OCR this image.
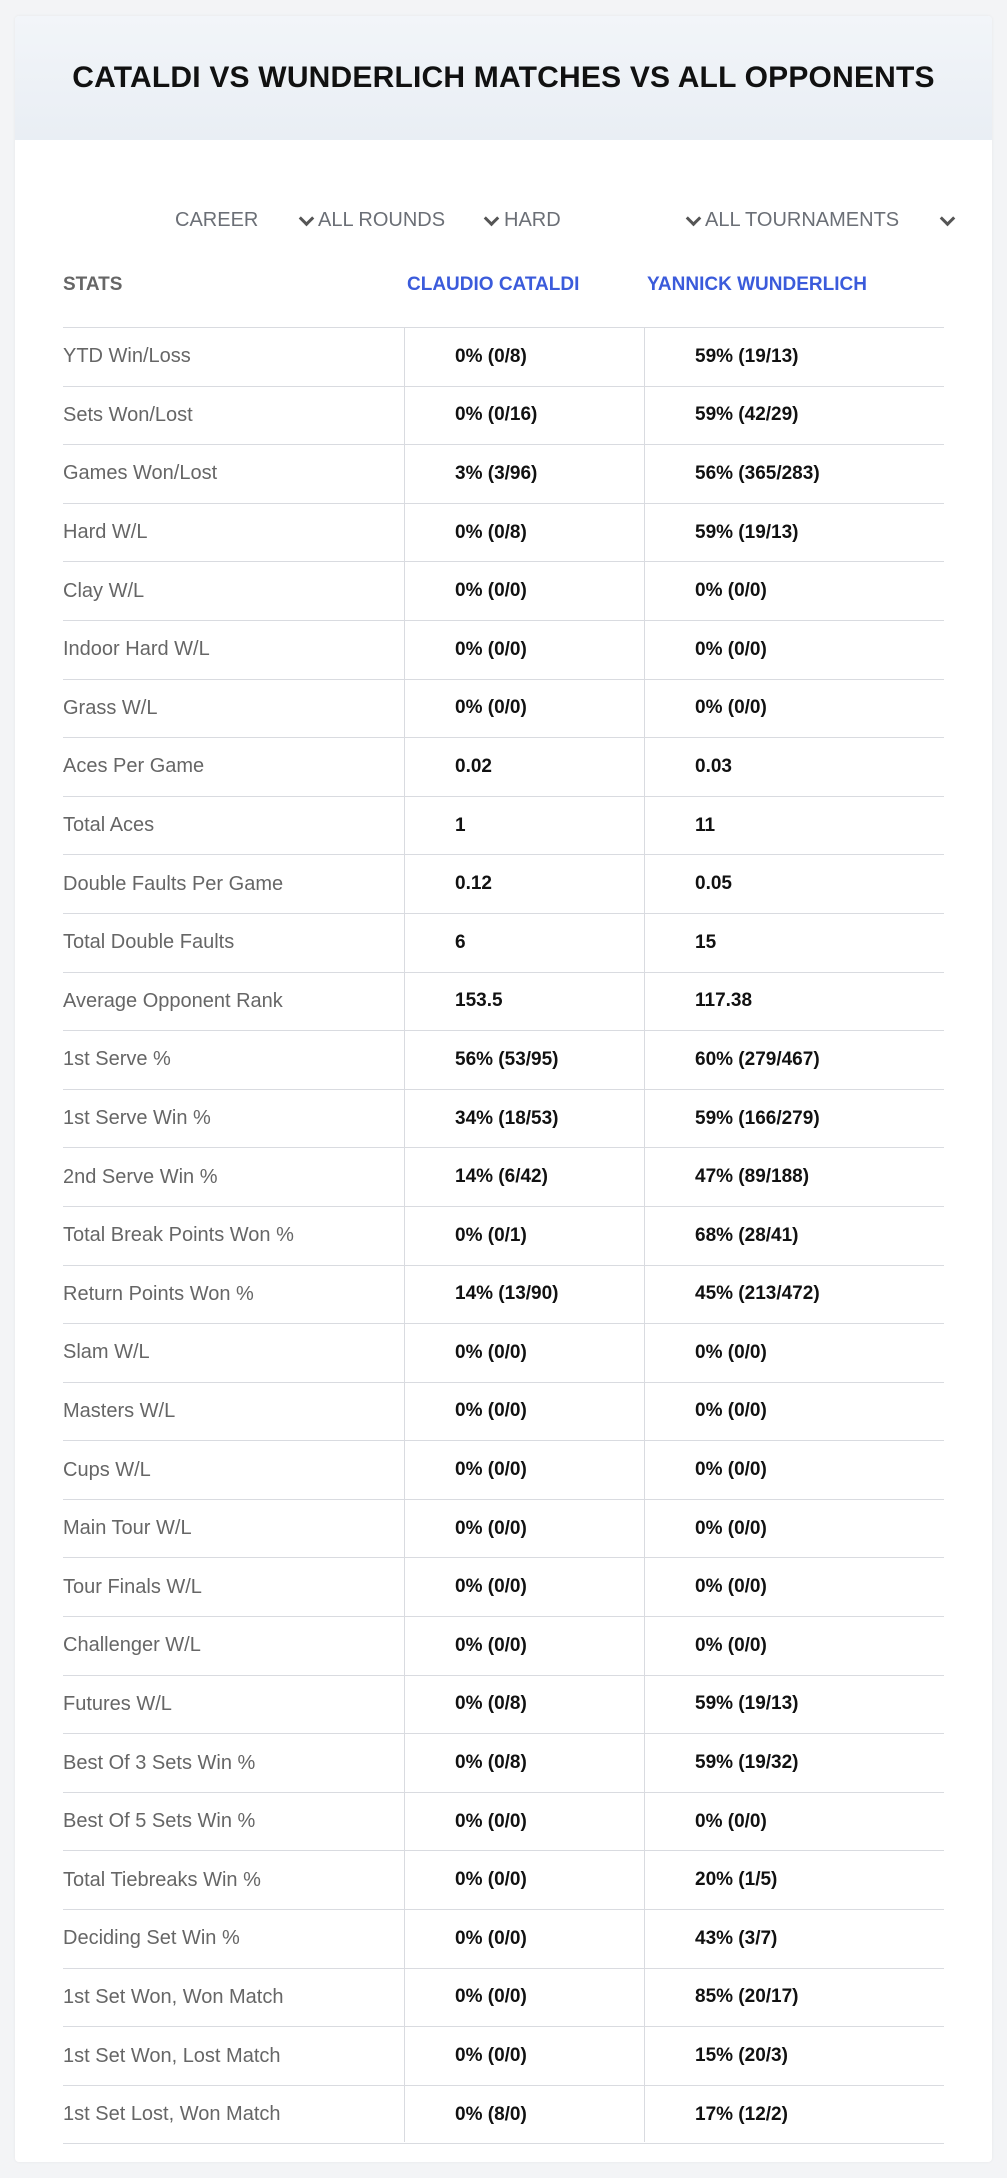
CATALDI VS WUNDERLICH MATCHES VS ALL OPPONENTS
CAREER	ALL ROUNDS	HARD	ALL TOURNAMENTS
STATS	CLAUDIO CATALDI	YANNICK WUNDERLICH
YTD Win/Loss	0% (0/8)	59% (19/13)
Sets Won/Lost	0% (0/16)	59% (42/29)
Games Won/Lost	3% (3/96)	56% (365/283)
Hard W/L	0% (0/8)	59% (19/13)
Clay W/L	0% (0/0)	0% (0/0)
Indoor Hard W/L	0% (0/0)	0% (0/0)
Grass W/L	0% (0/0)	0% (0/0)
Aces Per Game	0.02	0.03
Total Aces	1	11
Double Faults Per Game	0.12	0.05
Total Double Faults	6	15
Average Opponent Rank	153.5	117.38
1st Serve %	56% (53/95)	60% (279/467)
1st Serve Win %	34% (18/53)	59% (166/279)
2nd Serve Win %	14% (6/42)	47% (89/188)
Total Break Points Won %	0% (0/1)	68% (28/41)
Return Points Won %	14% (13/90)	45% (213/472)
Slam W/L	0% (0/0)	0% (0/0)
Masters W/L	0% (0/0)	0% (0/0)
Cups W/L	0% (0/0)	0% (0/0)
Main Tour W/L	0% (0/0)	0% (0/0)
Tour Finals W/L	0% (0/0)	0% (0/0)
Challenger W/L	0% (0/0)	0% (0/0)
Futures W/L	0% (0/8)	59% (19/13)
Best Of 3 Sets Win %	0% (0/8)	59% (19/32)
Best Of 5 Sets Win %	0% (0/0)	0% (0/0)
Total Tiebreaks Win %	0% (0/0)	20% (1/5)
Deciding Set Win %	0% (0/0)	43% (3/7)
1st Set Won, Won Match	0% (0/0)	85% (20/17)
1st Set Won, Lost Match	0% (0/0)	15% (20/3)
1st Set Lost, Won Match	0% (8/0)	17% (12/2)
